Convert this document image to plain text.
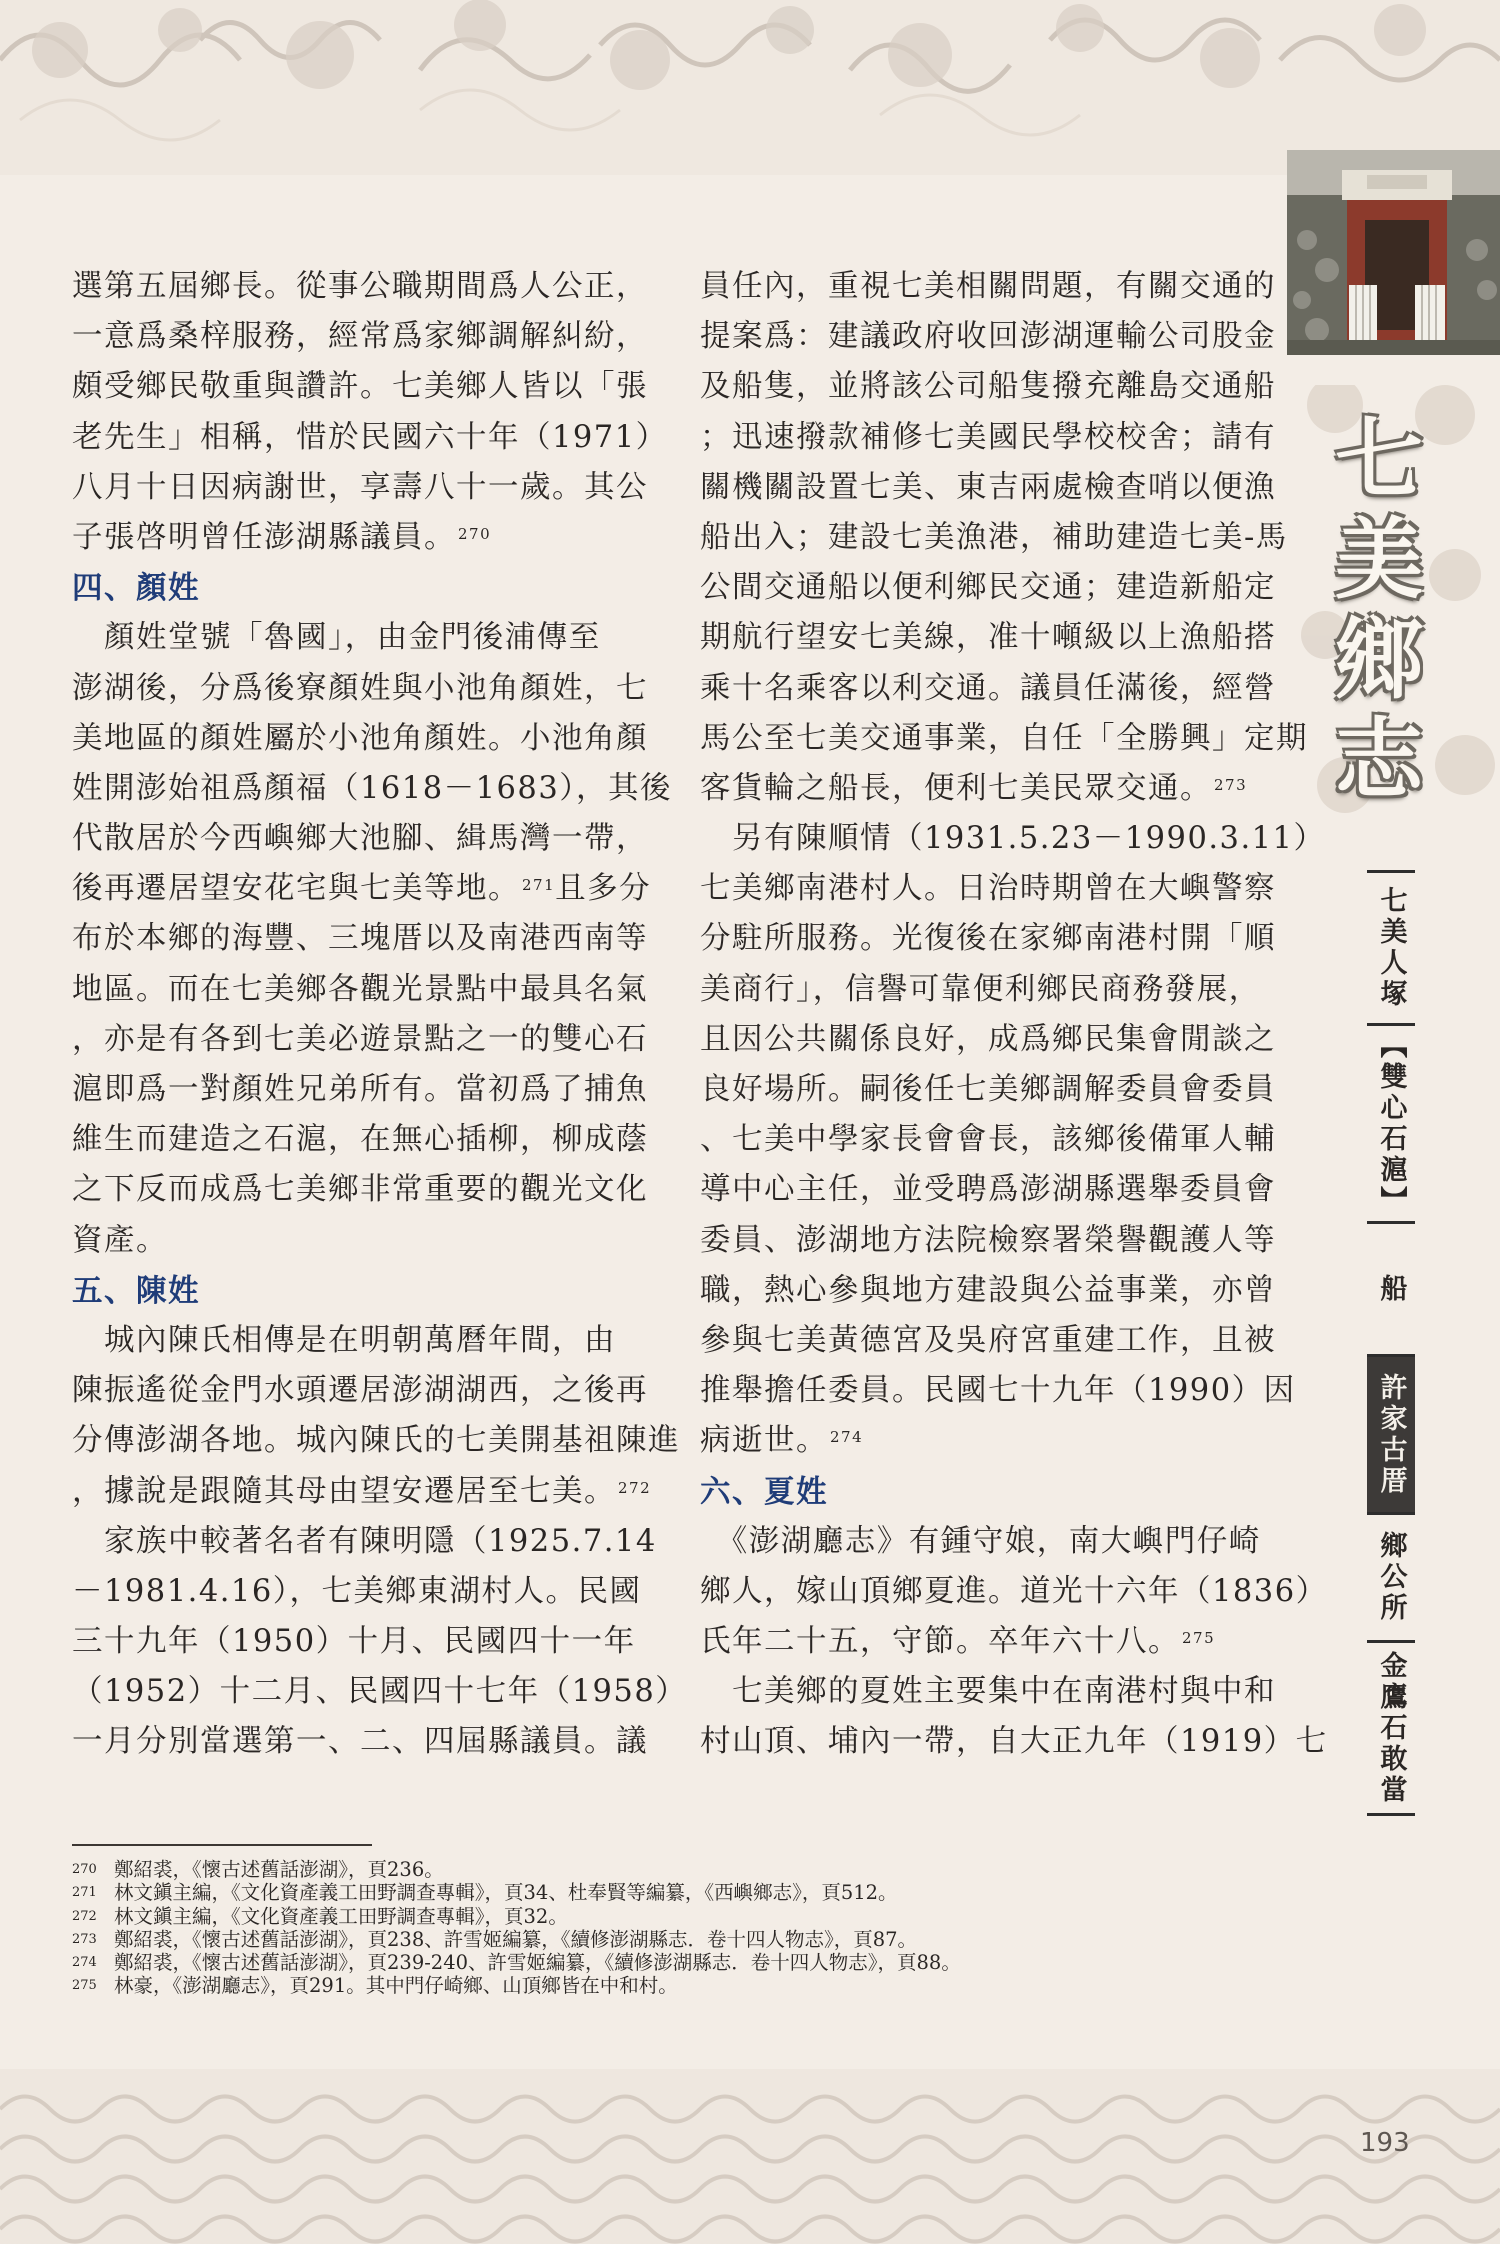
七
美
鄉
志
選第五屆鄉長。從事公職期間爲人公正，
一意爲桑梓服務，經常爲家鄉調解糾紛，
頗受鄉民敬重與讚許。七美鄉人皆以「張
老先生」相稱，惜於民國六十年（1971）
八月十日因病謝世，享壽八十一歲。其公
子張啓明曾任澎湖縣議員。 $^{270}$
四、顏姓
　顏姓堂號「魯國」，由金門後浦傳至
澎湖後，分爲後寮顏姓與小池角顏姓，七
美地區的顏姓屬於小池角顏姓。小池角顏
姓開澎始祖爲顏福（1618－1683），其後
代散居於今西嶼鄉大池腳、緝馬灣一帶，
後再遷居望安花宅與七美等地。 $^{271}$且多分
布於本鄉的海豐、三塊厝以及南港西南等
地區。而在七美鄉各觀光景點中最具名氣
，亦是有各到七美必遊景點之一的雙心石
滬即爲一對顏姓兄弟所有。當初爲了捕魚
維生而建造之石滬，在無心插柳，柳成蔭
之下反而成爲七美鄉非常重要的觀光文化
資產。
五、陳姓
　城內陳氏相傳是在明朝萬曆年間，由
陳振遙從金門水頭遷居澎湖湖西，之後再
分傳澎湖各地。城內陳氏的七美開基祖陳進
，據說是跟隨其母由望安遷居至七美。 $^{272}$
　家族中較著名者有陳明隱（1925.7.14
－1981.4.16），七美鄉東湖村人。民國
三十九年（1950）十月、民國四十一年
（1952）十二月、民國四十七年（1958）
一月分別當選第一、二、四屆縣議員。議
員任內，重視七美相關問題，有關交通的
提案爲：建議政府收回澎湖運輸公司股金
及船隻，並將該公司船隻撥充離島交通船
；迅速撥款補修七美國民學校校舍；請有
關機關設置七美、東吉兩處檢查哨以便漁
船出入；建設七美漁港，補助建造七美-馬
公間交通船以便利鄉民交通；建造新船定
期航行望安七美線，准十噸級以上漁船搭
乘十名乘客以利交通。議員任滿後，經營
馬公至七美交通事業，自任「全勝興」定期
客貨輪之船長，便利七美民眾交通。 $^{273}$
　另有陳順情（1931.5.23－1990.3.11）
七美鄉南港村人。日治時期曾在大嶼警察
分駐所服務。光復後在家鄉南港村開「順
美商行」，信譽可靠便利鄉民商務發展，
且因公共關係良好，成爲鄉民集會閒談之
良好場所。嗣後任七美鄉調解委員會委員
、七美中學家長會會長，該鄉後備軍人輔
導中心主任，並受聘爲澎湖縣選舉委員會
委員、澎湖地方法院檢察署榮譽觀護人等
職，熱心參與地方建設與公益事業，亦曾
參與七美黃德宮及吳府宮重建工作，且被
推舉擔任委員。民國七十九年（1990）因
病逝世。 $^{274}$
六、夏姓
　《澎湖廳志》有鍾守娘，南大嶼門仔崎
鄉人，嫁山頂鄉夏進。道光十六年（1836）
氏年二十五，守節。卒年六十八。 $^{275}$
　七美鄉的夏姓主要集中在南港村與中和
村山頂、埔內一帶，自大正九年（1919）七
270 鄭紹裘，《懷古述舊話澎湖》，頁236。
271 林文鎭主編，《文化資產義工田野調查專輯》，頁34、杜奉賢等編纂，《西嶼鄉志》，頁512。
272 林文鎭主編，《文化資產義工田野調查專輯》，頁32。
273 鄭紹裘，《懷古述舊話澎湖》，頁238、許雪姬編纂，《續修澎湖縣志．卷十四人物志》，頁87。
274 鄭紹裘，《懷古述舊話澎湖》，頁239-240、許雪姬編纂，《續修澎湖縣志．卷十四人物志》，頁88。
275 林豪，《澎湖廳志》，頁291。其中門仔崎鄉、山頂鄉皆在中和村。
七美人塚
【雙心石滬】
船
許家古厝
鄉公所
金鷹石敢當
193
